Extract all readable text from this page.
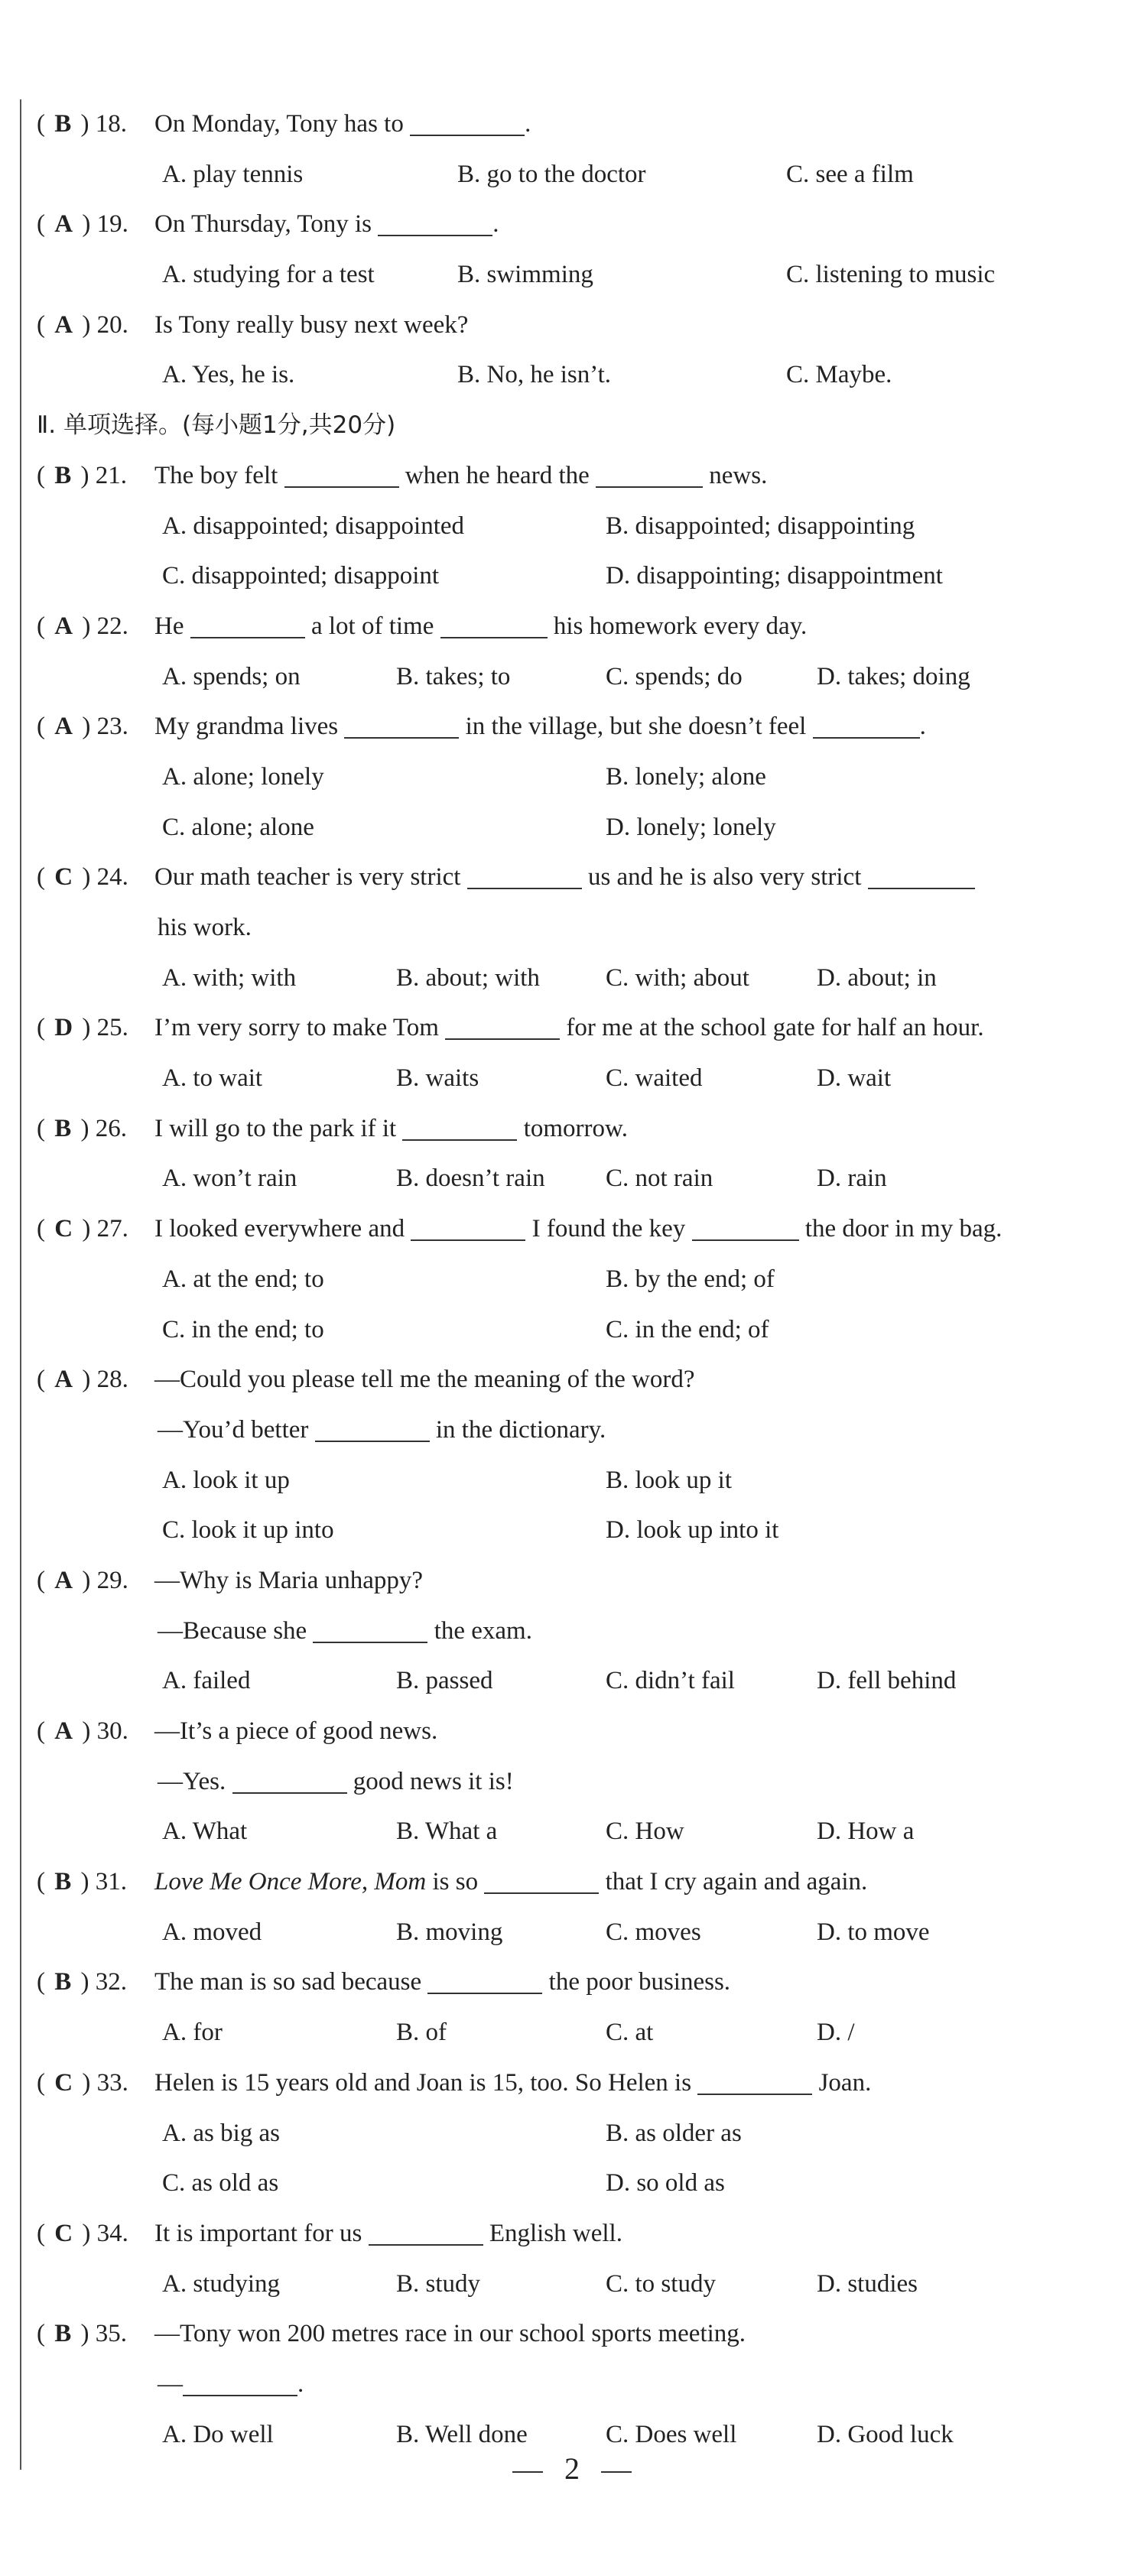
( B ) 18. On Monday, Tony has to	.
A. play tennis	B. go to the doctor	C. see a film
( A ) 19. On Thursday, Tony is	.
A. studying for a test	B. swimming	C. listening to music
( A ) 20. Is Tony really busy next week?
A. Yes, he is.	B. No, he isn’t.	C. Maybe.
Ⅱ. 单项选择。(每小题1分,共20分)
( B ) 21. The boy felt	when he heard the	news.
A. disappointed; disappointed	B. disappointed; disappointing
C. disappointed; disappoint	D. disappointing; disappointment
( A ) 22. He	a lot of time	his homework every day.
A. spends; on	B. takes; to	C. spends; do	D. takes; doing
( A ) 23. My grandma lives	in the village, but she doesn’t feel	.
A. alone; lonely	B. lonely; alone
C. alone; alone	D. lonely; lonely
( C ) 24. Our math teacher is very strict	us and he is also very strict
his work.
A. with; with	B. about; with	C. with; about	D. about; in
( D ) 25. I’m very sorry to make Tom	for me at the school gate for half an hour.
A. to wait	B. waits	C. waited	D. wait
( B ) 26. I will go to the park if it	tomorrow.
A. won’t rain	B. doesn’t rain C. not rain	D. rain
( C ) 27. I looked everywhere and	I found the key	the door in my bag.
A. at the end; to	B. by the end; of
C. in the end; to	C. in the end; of
( A ) 28. —Could you please tell me the meaning of the word?
—You’d better	in the dictionary.
A. look it up	B. look up it
C. look it up into	D. look up into it
( A ) 29. —Why is Maria unhappy?
—Because she	the exam.
A. failed	B. passed	C. didn’t fail	D. fell behind
( A ) 30. —It’s a piece of good news.
—Yes.	good news it is!
A. What	B. What a	C. How	D. How a
( B ) 31. Love Me Once More, Mom is so	that I cry again and again.
A. moved	B. moving	C. moves	D. to move
( B ) 32. The man is so sad because	the poor business.
A. for	B. of	C. at	D. /
( C ) 33. Helen is 15 years old and Joan is 15, too. So Helen is	Joan.
A. as big as	B. as older as
C. as old as	D. so old as
( C ) 34. It is important for us	English well.
A. studying	B. study	C. to study	D. studies
( B ) 35. —Tony won 200 metres race in our school sports meeting.
—	.
A. Do well	B. Well done	C. Does well	D. Good luck
2
